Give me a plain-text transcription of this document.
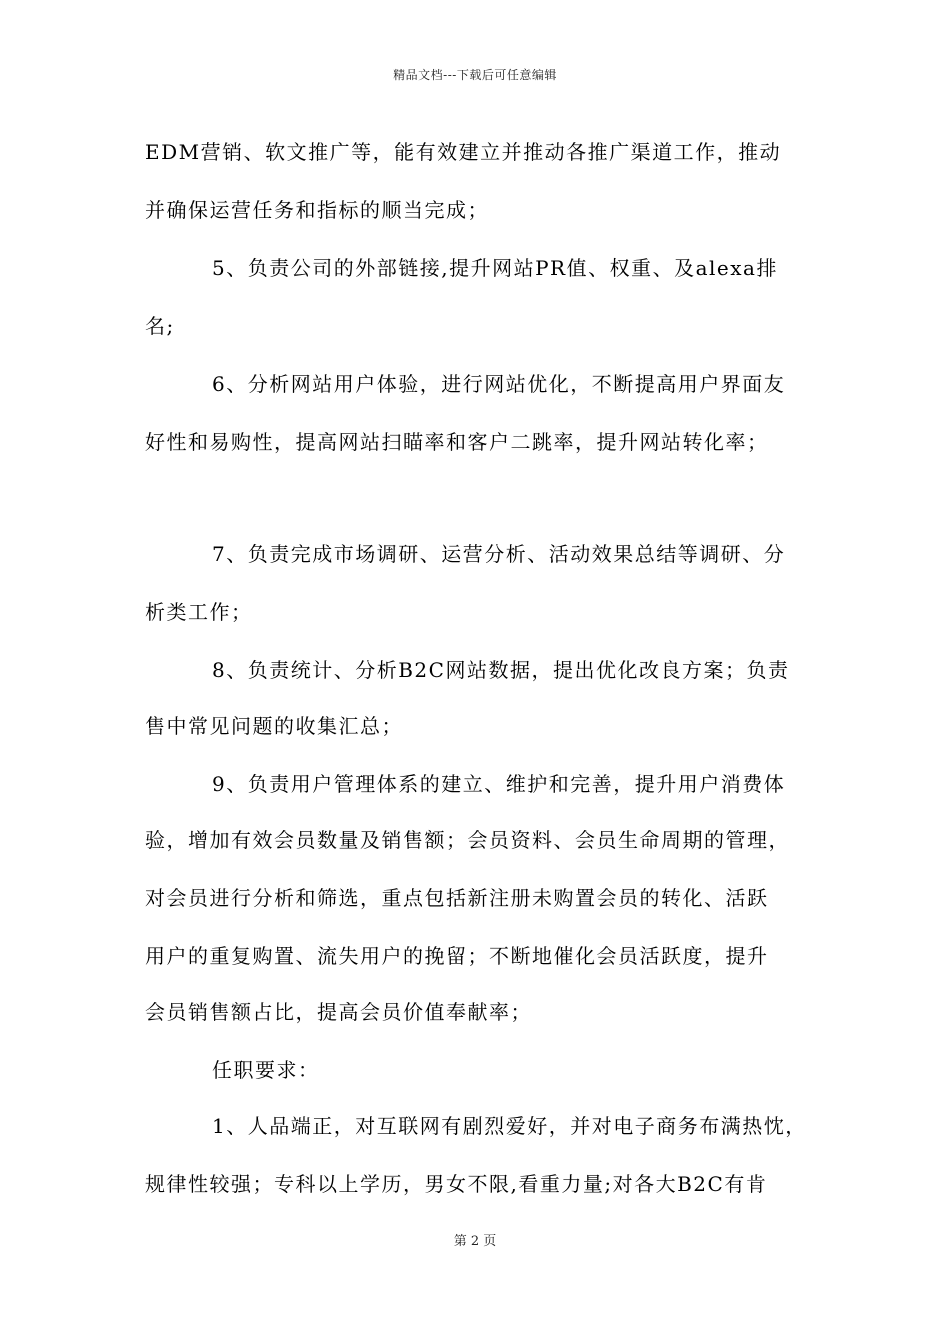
精品文档---下载后可任意编辑
EDM营销、软文推广等，能有效建立并推动各推广渠道工作，推动
并确保运营任务和指标的顺当完成；
5、负责公司的外部链接,提升网站PR值、权重、及alexa排
名;
6、分析网站用户体验，进行网站优化，不断提高用户界面友
好性和易购性，提高网站扫瞄率和客户二跳率，提升网站转化率；
7、负责完成市场调研、运营分析、活动效果总结等调研、分
析类工作；
8、负责统计、分析B2C网站数据，提出优化改良方案；负责
售中常见问题的收集汇总；
9、负责用户管理体系的建立、维护和完善，提升用户消费体
验，增加有效会员数量及销售额；会员资料、会员生命周期的管理，
对会员进行分析和筛选，重点包括新注册未购置会员的转化、活跃
用户的重复购置、流失用户的挽留；不断地催化会员活跃度，提升
会员销售额占比，提高会员价值奉献率；
任职要求：
1、人品端正，对互联网有剧烈爱好，并对电子商务布满热忱，
规律性较强；专科以上学历，男女不限,看重力量;对各大B2C有肯
第 2 页
